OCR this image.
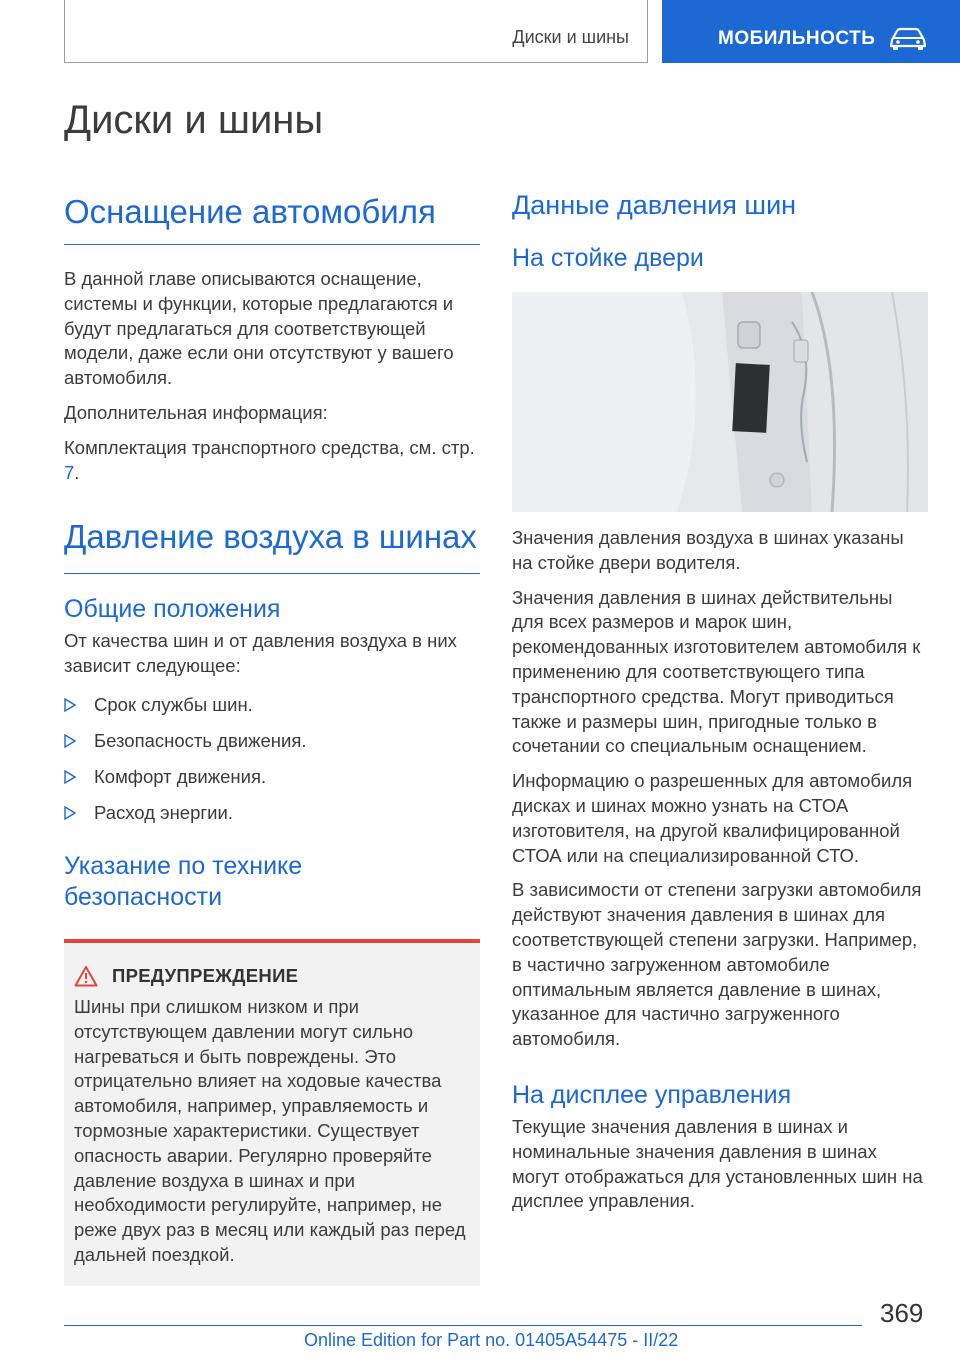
Диски и шины	МОБИЛЬНОСТЬ
Диски и шины
Оснащение автомобиля

В данной главе описываются оснащение, системы и функции, которые предлагаются и будут предлагаться для соответствующей модели, даже если они отсутствуют у вашего автомобиля.

Дополнительная информация:

Комплектация транспортного средства, см. стр. 7.

Давление воздуха в шинах
Общие положения

От качества шин и от давления воздуха в них зависит следующее:

Срок службы шин.
Безопасность движения.
Комфорт движения.
Расход энергии.
Указание по технике безопасности
ПРЕДУПРЕЖДЕНИЕ

Шины при слишком низком и при отсутствующем давлении могут сильно нагреваться и быть повреждены. Это отрицательно влияет на ходовые качества автомобиля, например, управляемость и тормозные характеристики. Существует опасность аварии. Регулярно проверяйте давление воздуха в шинах и при необходимости регулируйте, например, не реже двух раз в месяц или каждый раз перед дальней поездкой.

Данные давления шин
На стойке двери

Значения давления воздуха в шинах указаны на стойке двери водителя.

Значения давления в шинах действительны для всех размеров и марок шин, рекомендованных изготовителем автомобиля к применению для соответствующего типа транспортного средства. Могут приводиться также и размеры шин, пригодные только в сочетании со специальным оснащением.

Информацию о разрешенных для автомобиля дисках и шинах можно узнать на СТОА изготовителя, на другой квалифицированной СТОА или на специализированной СТО.

В зависимости от степени загрузки автомобиля действуют значения давления в шинах для соответствующей степени загрузки. Например, в частично загруженном автомобиле оптимальным является давление в шинах, указанное для частично загруженного автомобиля.

На дисплее управления

Текущие значения давления в шинах и номинальные значения давления в шинах могут отображаться для установленных шин на дисплее управления.

369
Online Edition for Part no. 01405A54475 - II/22
